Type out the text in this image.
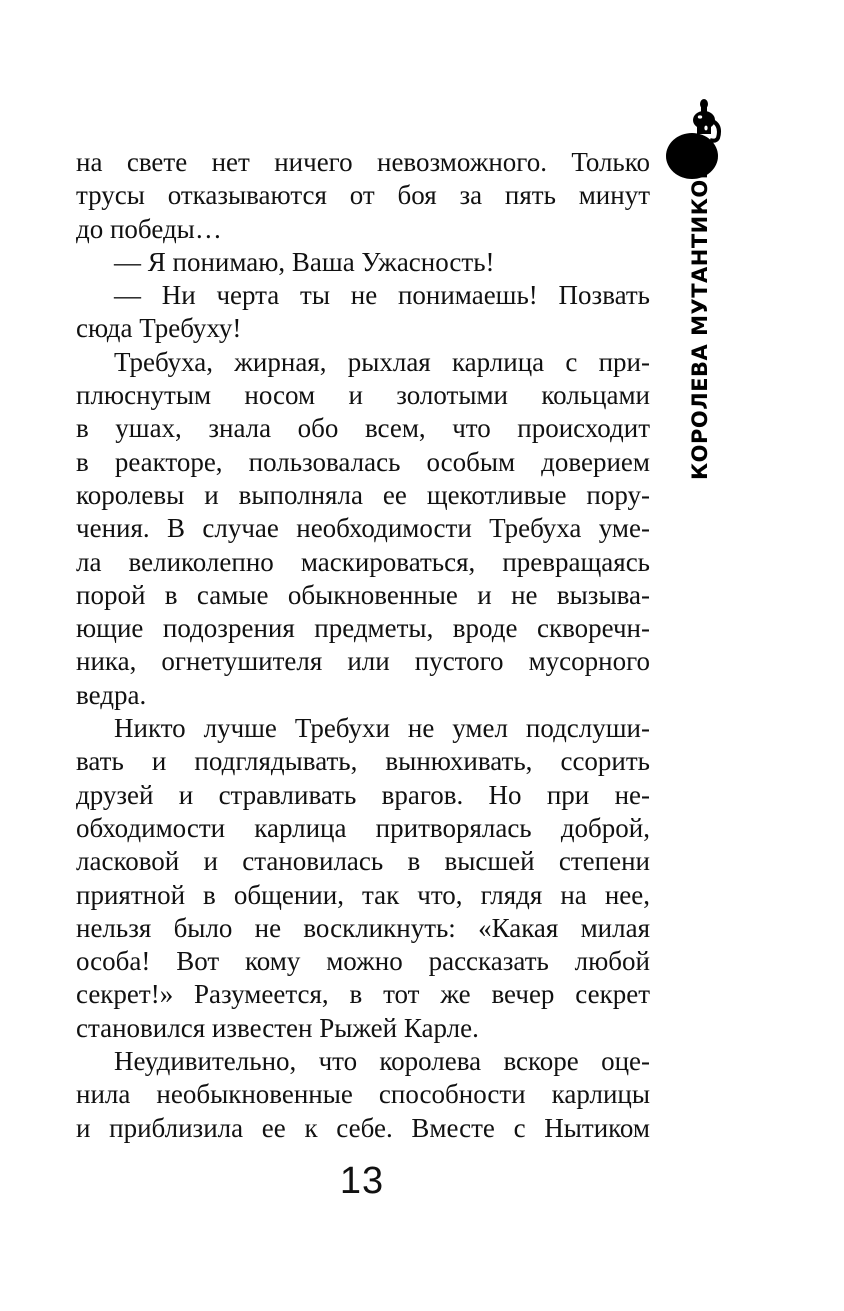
КОРОЛЕВА МУТАНТИКОВ
на свете нет ничего невозможного. Только
трусы отказываются от боя за пять минут
до победы…
— Я понимаю, Ваша Ужасность!
— Ни черта ты не понимаешь! Позвать
сюда Требуху!
Требуха, жирная, рыхлая карлица с при-
плюснутым носом и золотыми кольцами
в ушах, знала обо всем, что происходит
в реакторе, пользовалась особым доверием
королевы и выполняла ее щекотливые пору-
чения. В случае необходимости Требуха уме-
ла великолепно маскироваться, превращаясь
порой в самые обыкновенные и не вызыва-
ющие подозрения предметы, вроде скворечн-
ника, огнетушителя или пустого мусорного
ведра.
Никто лучше Требухи не умел подслуши-
вать и подглядывать, вынюхивать, ссорить
друзей и стравливать врагов. Но при не-
обходимости карлица притворялась доброй,
ласковой и становилась в высшей степени
приятной в общении, так что, глядя на нее,
нельзя было не воскликнуть: «Какая милая
особа! Вот кому можно рассказать любой
секрет!» Разумеется, в тот же вечер секрет
становился известен Рыжей Карле.
Неудивительно, что королева вскоре оце-
нила необыкновенные способности карлицы
и приблизила ее к себе. Вместе с Нытиком
13
